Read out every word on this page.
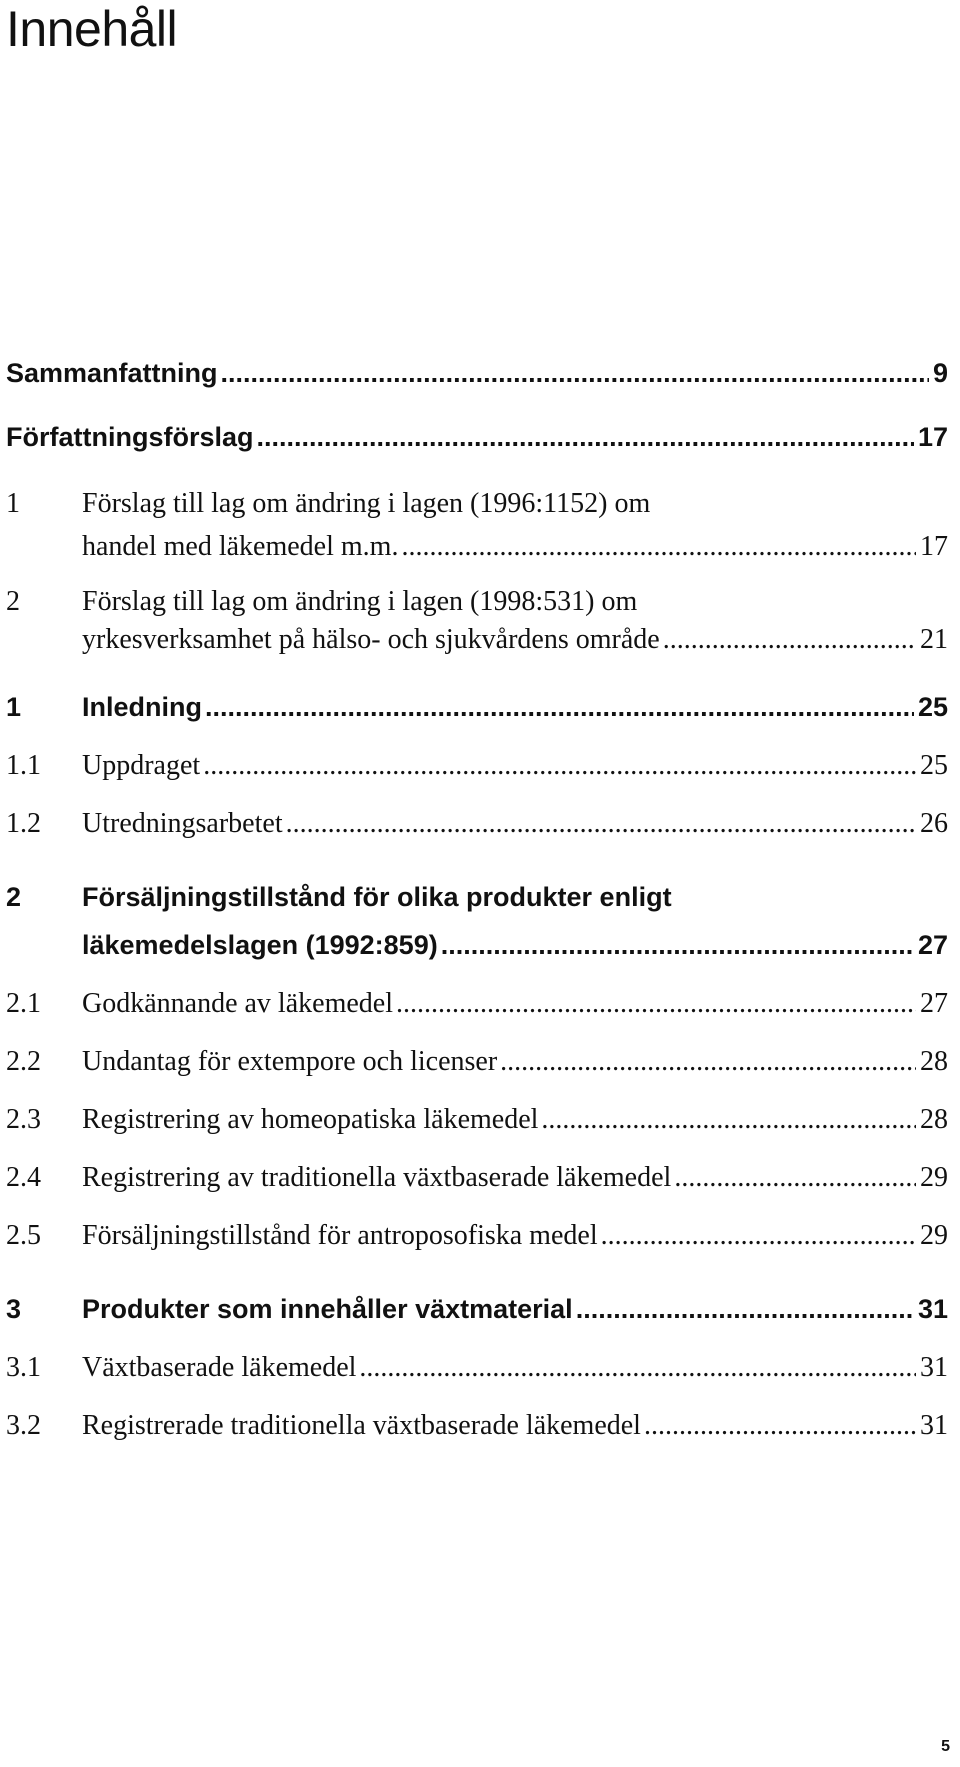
Innehåll
Sammanfattning .....	9
Författningsförslag .....	17
1 Förslag till lag om ändring i lagen (1996:1152) om
handel med läkemedel m.m. .....	17
2 Förslag till lag om ändring i lagen (1998:531) om
yrkesverksamhet på hälso- och sjukvårdens område .....	21
1 Inledning .....	25
1.1 Uppdraget .....	25
1.2 Utredningsarbetet .....	26
2 Försäljningstillstånd för olika produkter enligt
läkemedelslagen (1992:859) .....	27
2.1 Godkännande av läkemedel .....	27
2.2 Undantag för extempore och licenser .....	28
2.3 Registrering av homeopatiska läkemedel .....	28
2.4 Registrering av traditionella växtbaserade läkemedel .....	29
2.5 Försäljningstillstånd för antroposofiska medel .....	29
3 Produkter som innehåller växtmaterial .....	31
3.1 Växtbaserade läkemedel .....	31
3.2 Registrerade traditionella växtbaserade läkemedel .....	31
5
